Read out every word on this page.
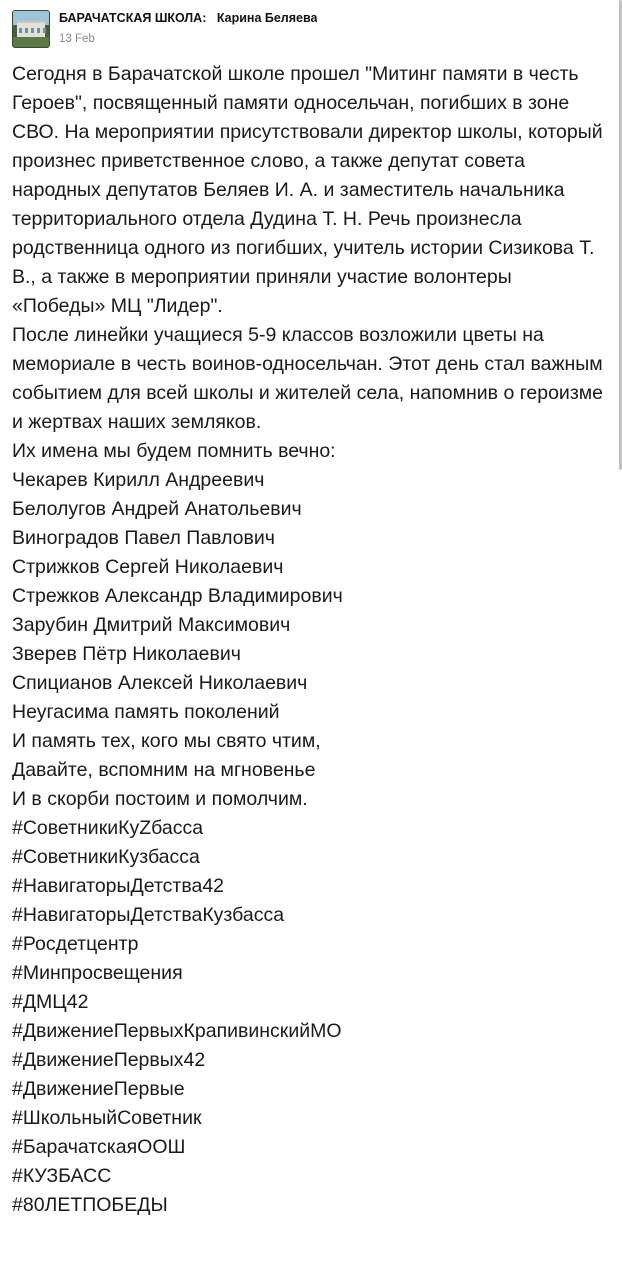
БАРАЧАТСКАЯ ШКОЛА: Карина Беляева
13 Feb

Сегодня в Барачатской школе прошел "Митинг памяти в честь Героев", посвященный памяти односельчан, погибших в зоне СВО. На мероприятии присутствовали директор школы, который произнес приветственное слово, а также депутат совета народных депутатов Беляев И. А. и заместитель начальника территориального отдела Дудина Т. Н. Речь произнесла родственница одного из погибших, учитель истории Сизикова Т. В., а также в мероприятии приняли участие волонтеры «Победы» МЦ "Лидер".

После линейки учащиеся 5-9 классов возложили цветы на мемориале в честь воинов-односельчан. Этот день стал важным событием для всей школы и жителей села, напомнив о героизме и жертвах наших земляков.

Их имена мы будем помнить вечно:

Чекарев Кирилл Андреевич

Белолугов Андрей Анатольевич

Виноградов Павел Павлович

Стрижков Сергей Николаевич

Стрежков Александр Владимирович

Зарубин Дмитрий Максимович

Зверев Пётр Николаевич

Спицианов Алексей Николаевич

Неугасима память поколений

И память тех, кого мы свято чтим,

Давайте, вспомним на мгновенье

И в скорби постоим и помолчим.

#СоветникиКуZбасса

#СоветникиКузбасса

#НавигаторыДетства42

#НавигаторыДетстваКузбасса

#Росдетцентр

#Минпросвещения

#ДМЦ42

#ДвижениеПервыхКрапивинскийМО

#ДвижениеПервых42

#ДвижениеПервые

#ШкольныйСоветник

#БарачатскаяООШ

#КУЗБАСС

#80ЛЕТПОБЕДЫ
